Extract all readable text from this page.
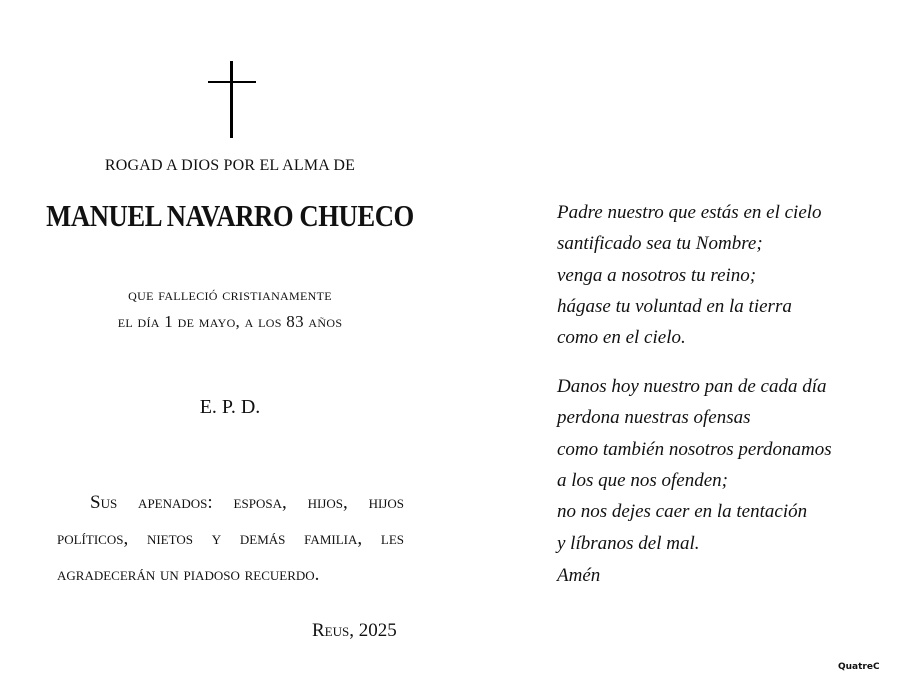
ROGAD A DIOS POR EL ALMA DE
MANUEL NAVARRO CHUECO
que falleció cristianamente
el día 1 de mayo, a los 83 años
E. P. D.
Sus apenados: esposa, hijos, hijos
políticos, nietos y demás familia, les
agradecerán un piadoso recuerdo.
Reus, 2025
Padre nuestro que estás en el cielo
santificado sea tu Nombre;
venga a nosotros tu reino;
hágase tu voluntad en la tierra
como en el cielo.
Danos hoy nuestro pan de cada día
perdona nuestras ofensas
como también nosotros perdonamos
a los que nos ofenden;
no nos dejes caer en la tentación
y líbranos del mal.
Amén
QuatreC
